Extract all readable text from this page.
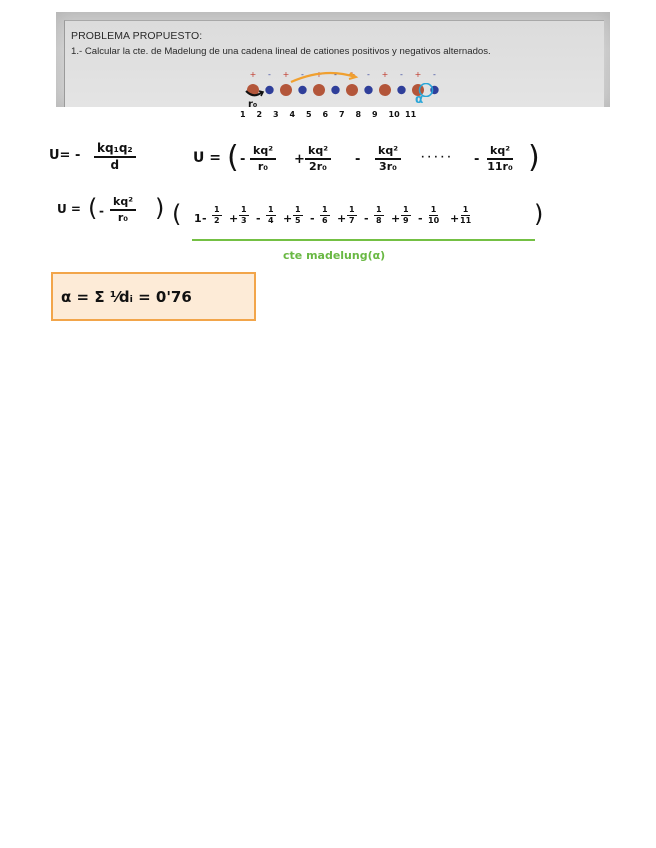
PROBLEMA PROPUESTO:
1.- Calcular la cte. de Madelung de una cadena lineal de cationes positivos y negativos alternados.
+ - + - + - + - + - + -
r₀	α
1 2 3 4 5 6 7 8 9 10 11
$U= - \frac{\text{kq₁q₂}}{d}$	U = ( - $\frac{\text{kq²}}{\text{r₀}} + \frac{\text{kq²}}{\text{2r₀}} - \frac{\text{kq²}}{\text{3r₀}}$ · · · · · - $\frac{\text{kq²}}{\text{11r₀}}$ )
U = ( - $\frac{\text{kq²}}{\text{r₀}}$ ) ( $1 - \frac{1}{2} + \frac{1}{3} - \frac{1}{4} + \frac{1}{5} - \frac{1}{6} + \frac{1}{7} - \frac{1}{8} + \frac{1}{9} - \frac{1}{10} + \frac{1}{11}$	)
cte madelung(α)
α = Σ ¹⁄dᵢ = 0'76
